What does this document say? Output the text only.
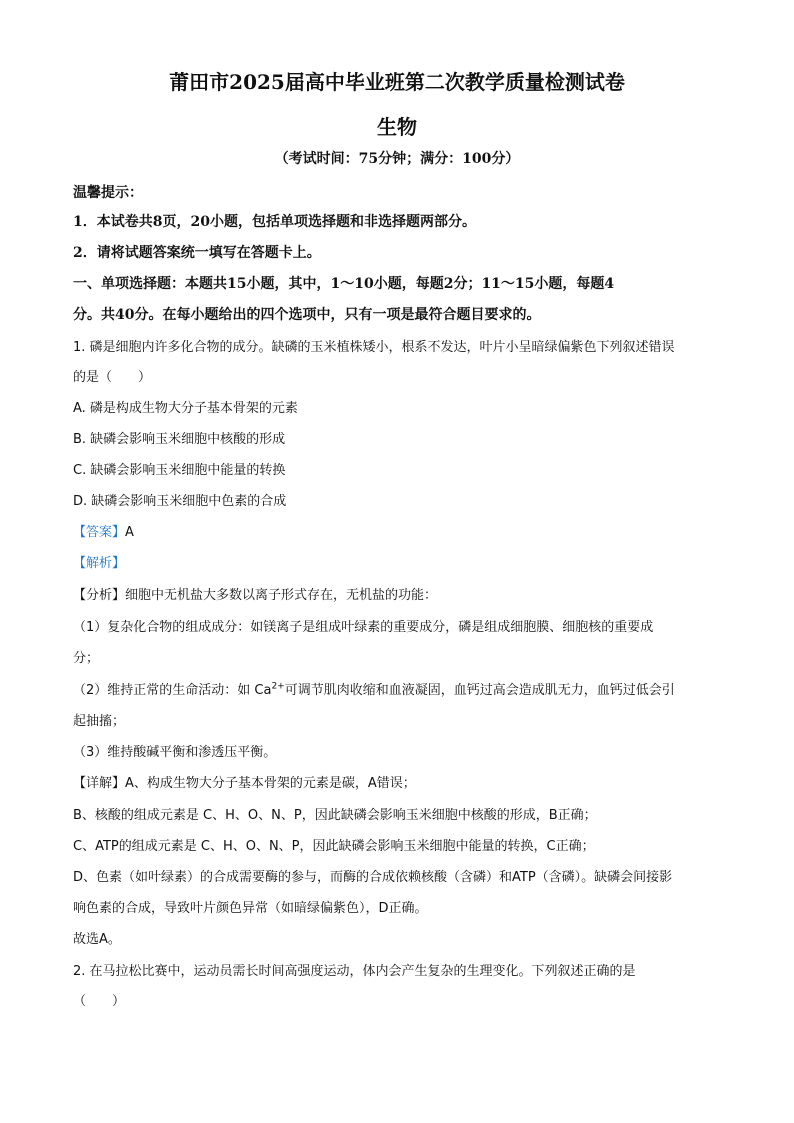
莆田市2025届高中毕业班第二次教学质量检测试卷
生物
（考试时间：75分钟；满分：100分）
温馨提示：
1．本试卷共8页，20小题，包括单项选择题和非选择题两部分。
2．请将试题答案统一填写在答题卡上。
一、单项选择题：本题共15小题，其中，1～10小题，每题2分；11～15小题，每题4
分。共40分。在每小题给出的四个选项中，只有一项是最符合题目要求的。
1. 磷是细胞内许多化合物的成分。缺磷的玉米植株矮小，根系不发达，叶片小呈暗绿偏紫色下列叙述错误
的是（　　）
A. 磷是构成生物大分子基本骨架的元素
B. 缺磷会影响玉米细胞中核酸的形成
C. 缺磷会影响玉米细胞中能量的转换
D. 缺磷会影响玉米细胞中色素的合成
【答案】A
【解析】
【分析】细胞中无机盐大多数以离子形式存在，无机盐的功能：
（1）复杂化合物的组成成分：如镁离子是组成叶绿素的重要成分，磷是组成细胞膜、细胞核的重要成
分；
（2）维持正常的生命活动：如 $Ca^{2+}$可调节肌肉收缩和血液凝固，血钙过高会造成肌无力，血钙过低会引
起抽搐；
（3）维持酸碱平衡和渗透压平衡。
【详解】A、构成生物大分子基本骨架的元素是碳，A错误；
B、核酸的组成元素是 C、H、O、N、P，因此缺磷会影响玉米细胞中核酸的形成，B正确；
C、ATP的组成元素是 C、H、O、N、P，因此缺磷会影响玉米细胞中能量的转换，C正确；
D、色素（如叶绿素）的合成需要酶的参与，而酶的合成依赖核酸（含磷）和ATP（含磷）。缺磷会间接影
响色素的合成，导致叶片颜色异常（如暗绿偏紫色），D正确。
故选A。
2. 在马拉松比赛中，运动员需长时间高强度运动，体内会产生复杂的生理变化。下列叙述正确的是
（　　）
